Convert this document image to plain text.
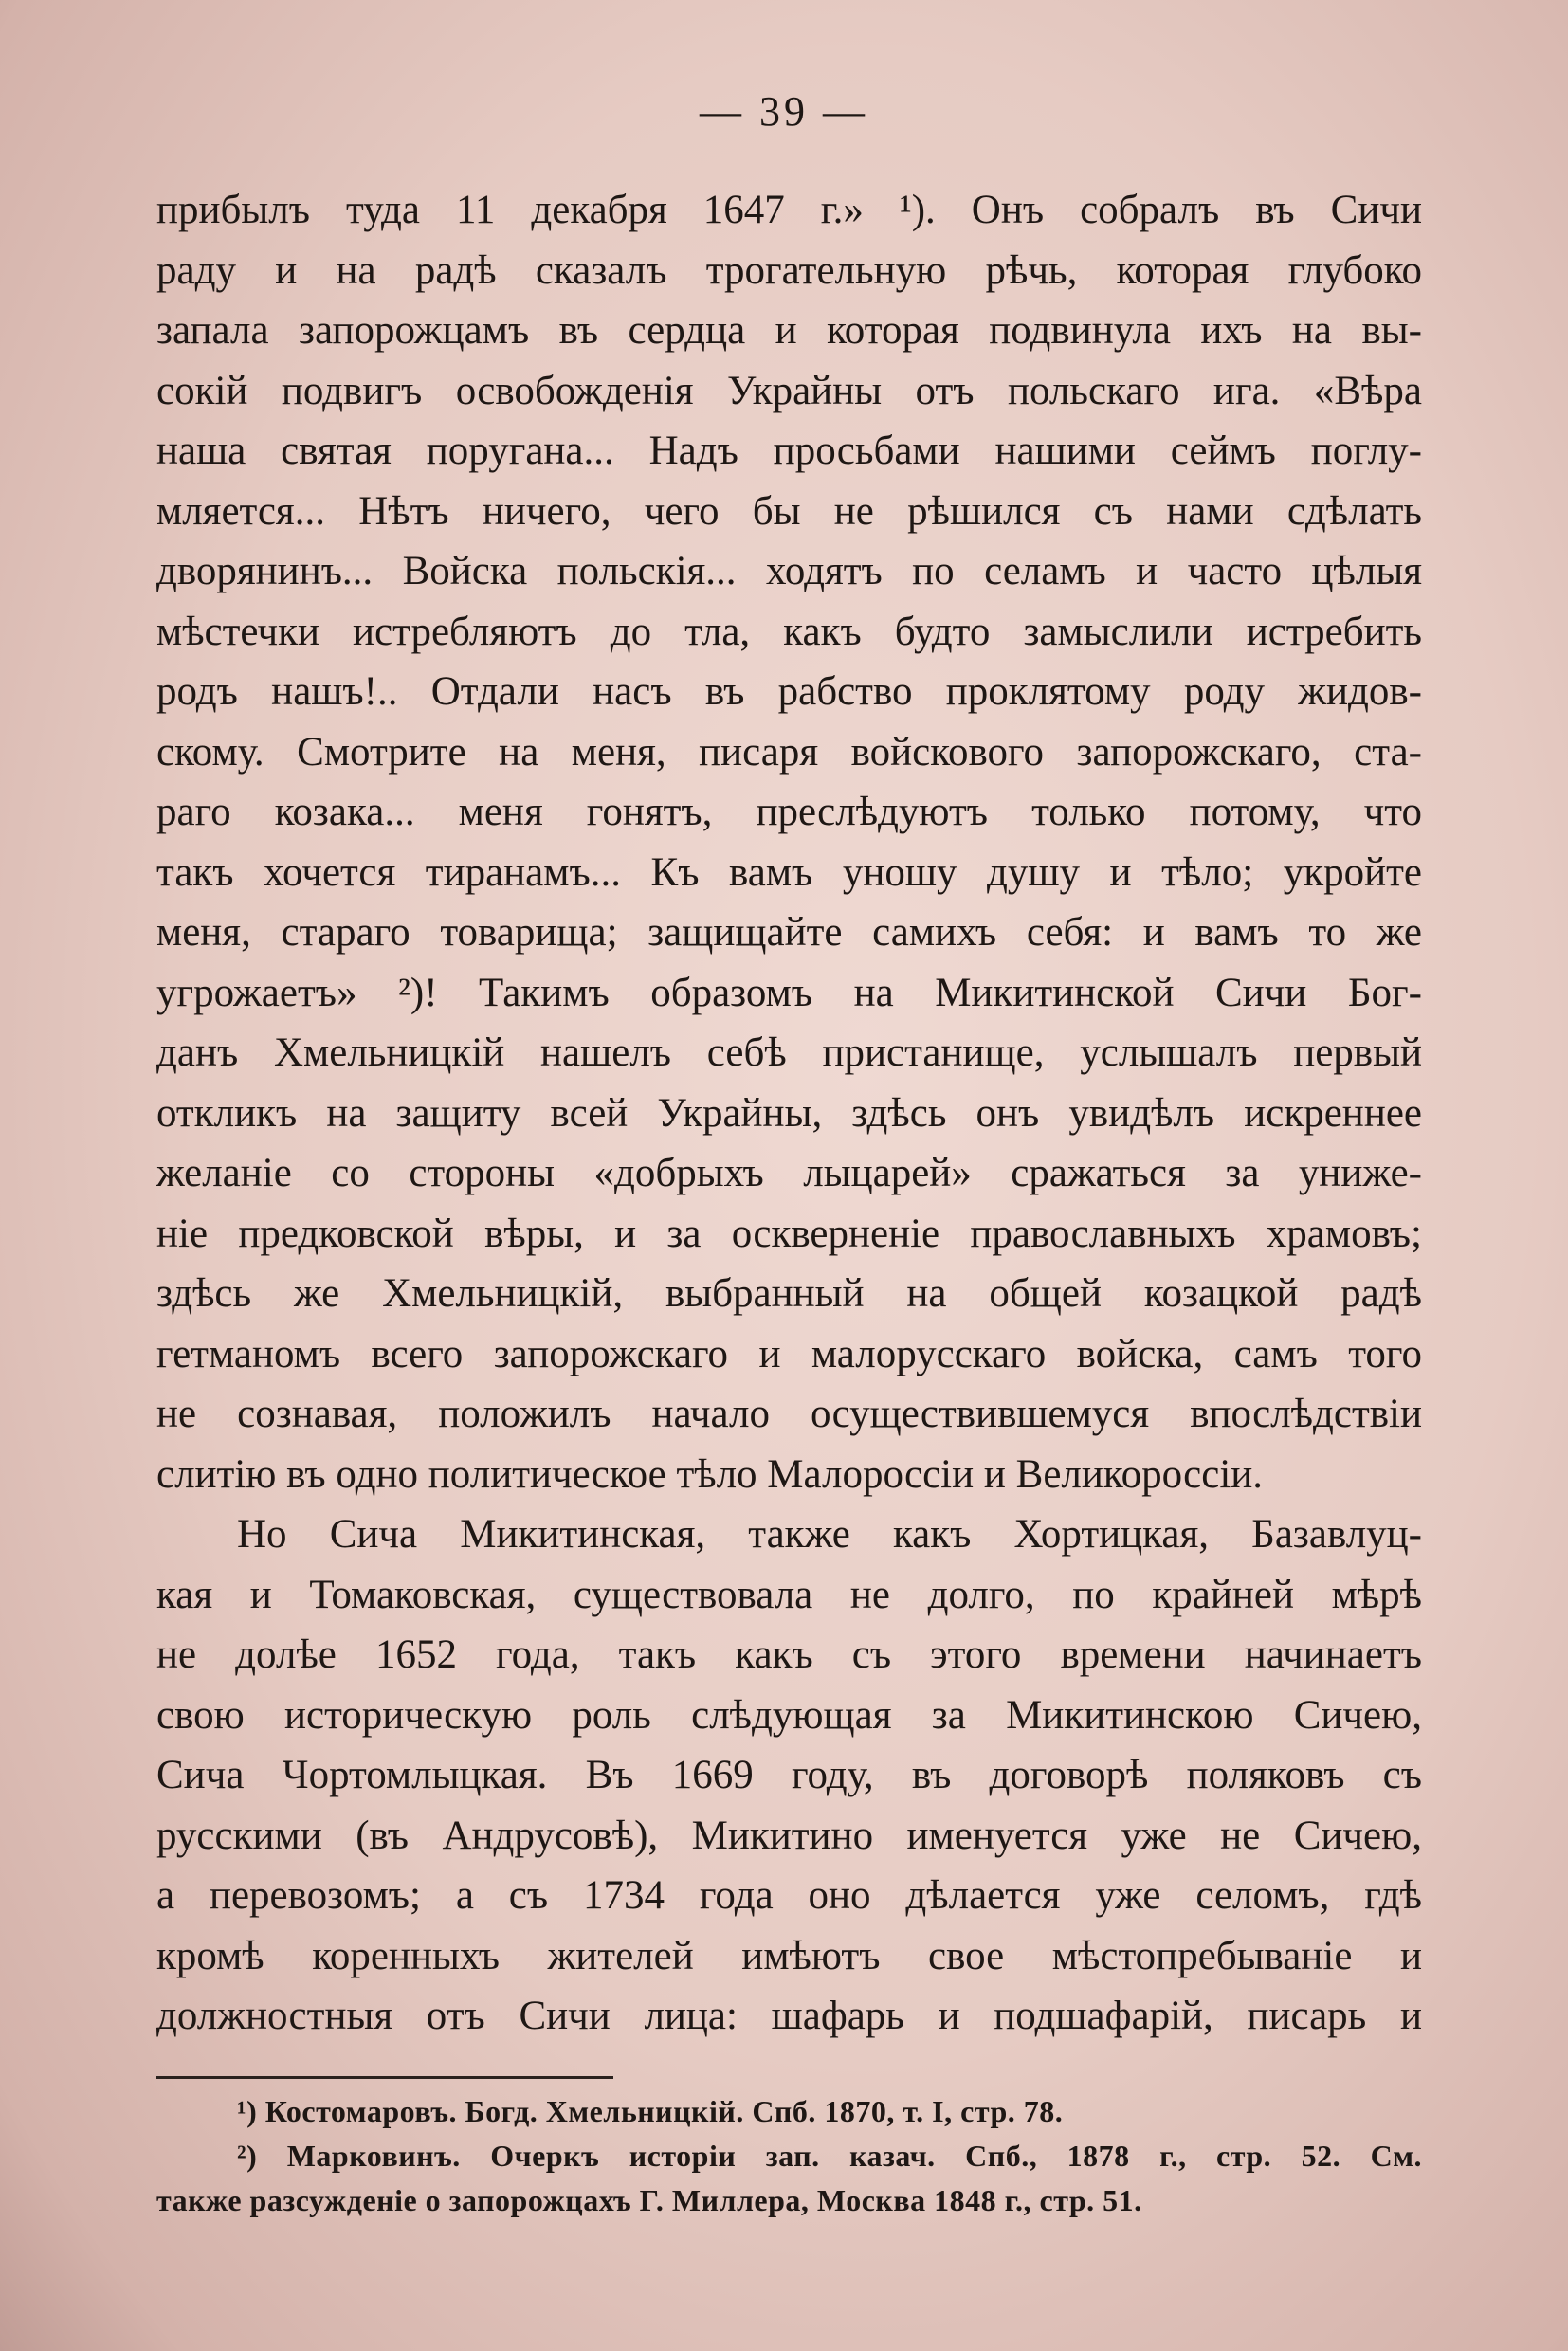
— 39 —
прибылъ туда 11 декабря 1647 г.» ¹). Онъ собралъ въ Сичи
раду и на радѣ сказалъ трогательную рѣчь, которая глубоко
запала запорожцамъ въ сердца и которая подвинула ихъ на вы-
сокій подвигъ освобожденія Украйны отъ польскаго ига. «Вѣра
наша святая поругана... Надъ просьбами нашими сеймъ поглу-
мляется... Нѣтъ ничего, чего бы не рѣшился съ нами сдѣлать
дворянинъ... Войска польскія... ходятъ по селамъ и часто цѣлыя
мѣстечки истребляютъ до тла, какъ будто замыслили истребить
родъ нашъ!.. Отдали насъ въ рабство проклятому роду жидов-
скому. Смотрите на меня, писаря войскового запорожскаго, ста-
раго козака... меня гонятъ, преслѣдуютъ только потому, что
такъ хочется тиранамъ... Къ вамъ уношу душу и тѣло; укройте
меня, стараго товарища; защищайте самихъ себя: и вамъ то же
угрожаетъ» ²)! Такимъ образомъ на Микитинской Сичи Бог-
данъ Хмельницкій нашелъ себѣ пристанище, услышалъ первый
откликъ на защиту всей Украйны, здѣсь онъ увидѣлъ искреннее
желаніе со стороны «добрыхъ лыцарей» сражаться за униже-
ніе предковской вѣры, и за оскверненіе православныхъ храмовъ;
здѣсь же Хмельницкій, выбранный на общей козацкой радѣ
гетманомъ всего запорожскаго и малорусскаго войска, самъ того
не сознавая, положилъ начало осуществившемуся впослѣдствіи
слитію въ одно политическое тѣло Малороссіи и Великороссіи.
Но Сича Микитинская, также какъ Хортицкая, Базавлуц-
кая и Томаковская, существовала не долго, по крайней мѣрѣ
не долѣе 1652 года, такъ какъ съ этого времени начинаетъ
свою историческую роль слѣдующая за Микитинскою Сичею,
Сича Чортомлыцкая. Въ 1669 году, въ договорѣ поляковъ съ
русскими (въ Андрусовѣ), Микитино именуется уже не Сичею,
а перевозомъ; а съ 1734 года оно дѣлается уже селомъ, гдѣ
кромѣ коренныхъ жителей имѣютъ свое мѣстопребываніе и
должностныя отъ Сичи лица: шафарь и подшафарій, писарь и
¹) Костомаровъ. Богд. Хмельницкій. Спб. 1870, т. I, стр. 78.
²) Марковинъ. Очеркъ исторіи зап. казач. Спб., 1878 г., стр. 52. См.
также разсужденіе о запорожцахъ Г. Миллера, Москва 1848 г., стр. 51.
